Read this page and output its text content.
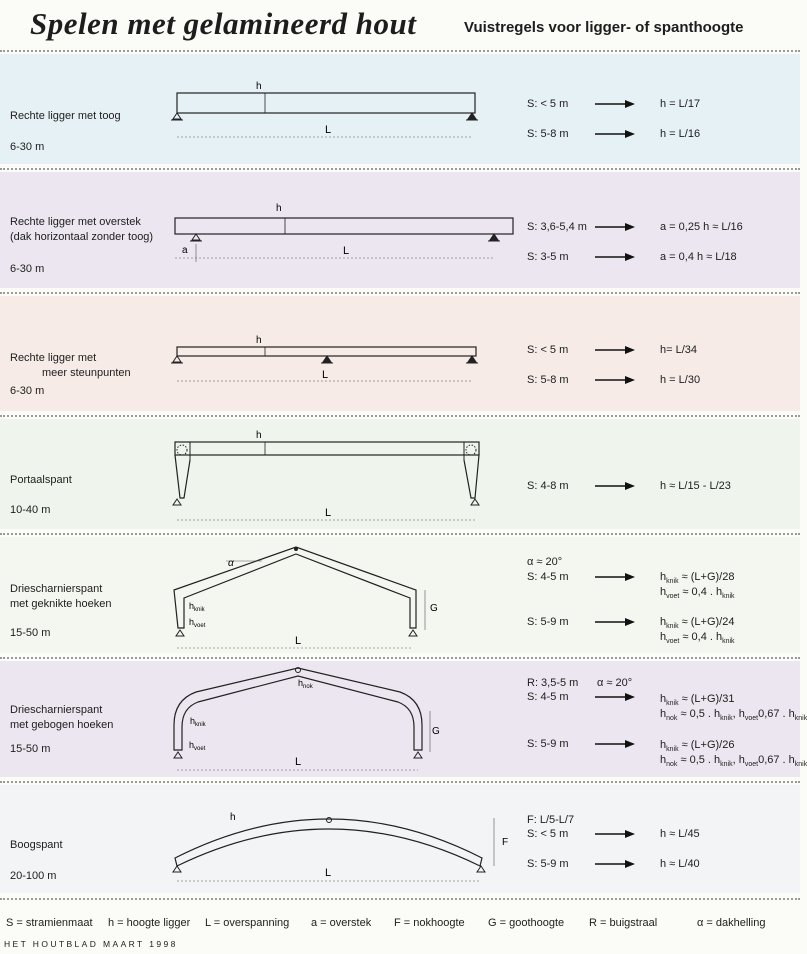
Spelen met gelamineerd hout	Vuistregels voor ligger- of spanthoogte
Rechte ligger met toog
6-30 m
h
L
S: < 5 m	h = L/17
S: 5-8 m	h = L/16
Rechte ligger met overstek
(dak horizontaal zonder toog)
6-30 m
h
a	L
S: 3,6-5,4 m	a = 0,25 h ≈ L/16
S: 3-5 m	a = 0,4 h ≈ L/18
Rechte ligger met
meer steunpunten
6-30 m
h
L
S: < 5 m	h= L/34
S: 5-8 m	h = L/30
Portaalspant
10-40 m
h
L
S: 4-8 m	h ≈ L/15 - L/23
Driescharnierspant
met geknikte hoeken
15-50 m
α
$h_{knik}$
$h_{voet}$
G
L
α ≈ 20°
S: 4-5 m	$h_{knik} \approx (L+G)/28$
$h_{voet} \approx 0,4$ . $h_{knik}$
S: 5-9 m	$h_{knik} \approx (L+G)/24$
$h_{voet} \approx 0,4$ . $h_{knik}$
Driescharnierspant
met gebogen hoeken
15-50 m
$h_{nok}$
$h_{knik}$
$h_{voet}$
G
L
R: 3,5-5 m α ≈ 20°
S: 4-5 m	$h_{knik} \approx (L+G)/31$
$h_{nok} \approx 0,5$ . $h_{knik}$, $h_{voet}0,67$ . $h_{knik}$
S: 5-9 m	$h_{knik} \approx (L+G)/26$
$h_{nok} \approx 0,5$ . $h_{knik}$, $h_{voet}0,67$ . $h_{knik}$
Boogspant
20-100 m
h
F
L
F: L/5-L/7
S: < 5 m	h ≈ L/45
S: 5-9 m	h ≈ L/40
S = stramienmaat h = hoogte ligger L = overspanning a = overstek F = nokhoogte G = goothoogte R = buigstraal	α = dakhelling
HET HOUTBLAD MAART 1998
